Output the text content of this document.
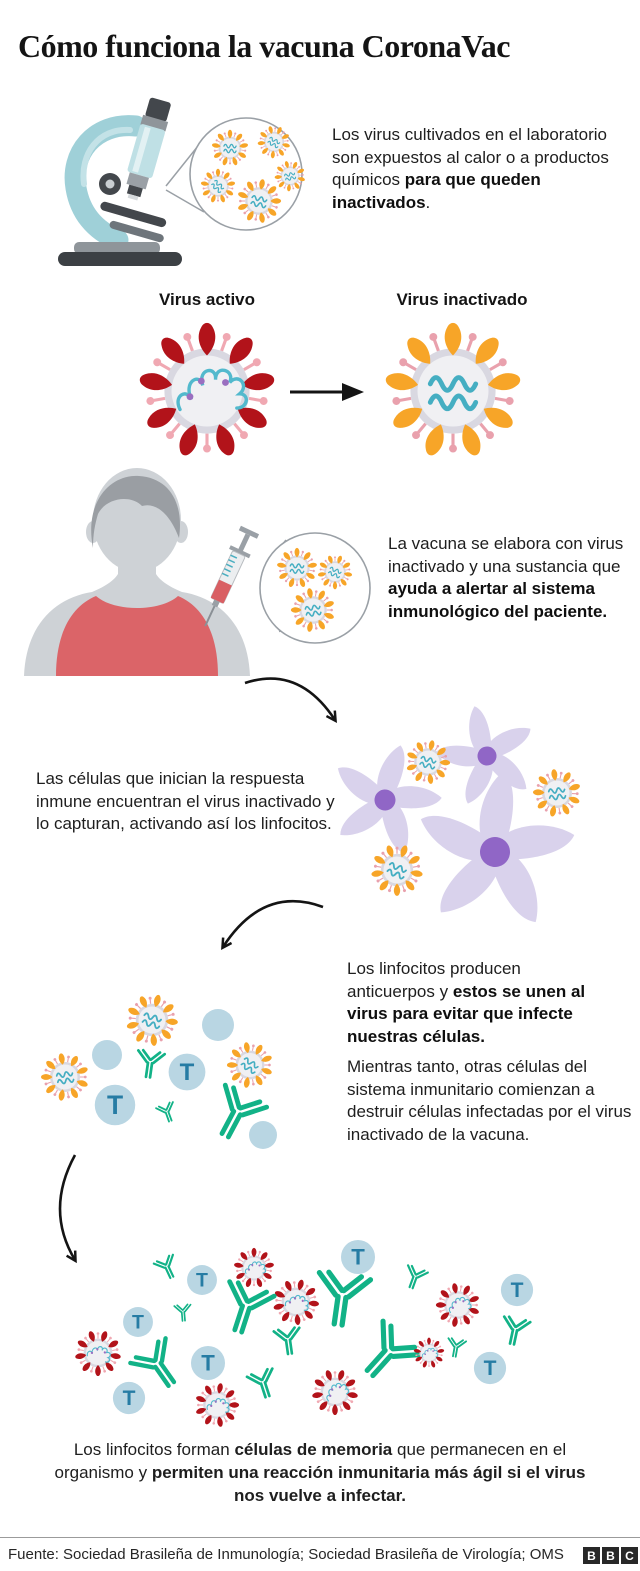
Cómo funciona la vacuna CoronaVac
Los virus cultivados en el laboratorio son expuestos al calor o a productos químicos para que queden inactivados.
Virus activo	Virus inactivado
La vacuna se elabora con virus inactivado y una sustancia que ayuda a alertar al sistema inmunológico del paciente.
Las células que inician la respuesta inmune encuentran el virus inactivado y lo capturan, activando así los linfocitos.
Los linfocitos producen anticuerpos y estos se unen al virus para evitar que infecte nuestras células.
Mientras tanto, otras células del sistema inmunitario comienzan a destruir células infectadas por el virus inactivado de la vacuna.
Los linfocitos forman células de memoria que permanecen en el organismo y permiten una reacción inmunitaria más ágil si el virus nos vuelve a infectar.
Fuente: Sociedad Brasileña de Inmunología; Sociedad Brasileña de Virología; OMS	B B C
